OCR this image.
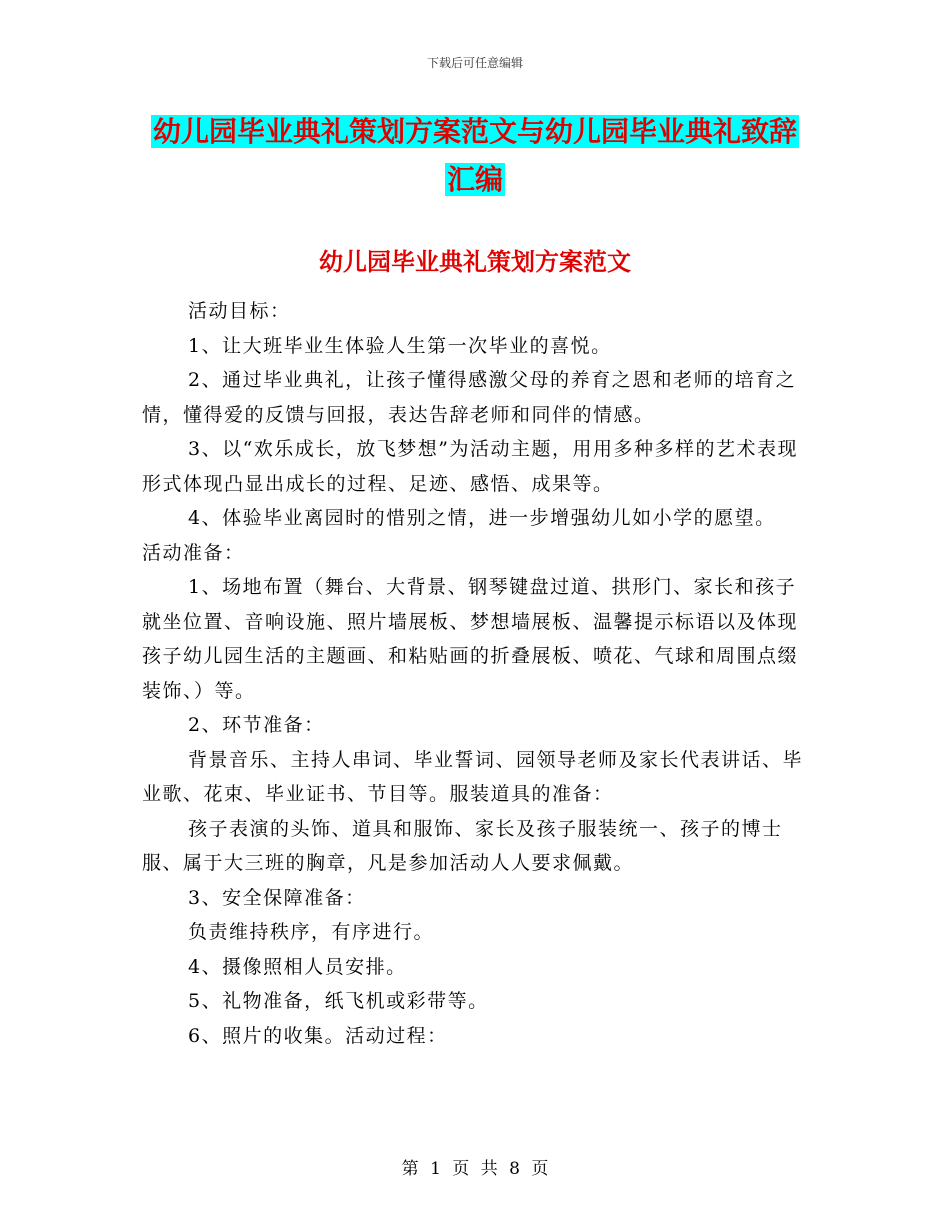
下载后可任意编辑
幼儿园毕业典礼策划方案范文与幼儿园毕业典礼致辞
汇编
幼儿园毕业典礼策划方案范文

活动目标：

1、让大班毕业生体验人生第一次毕业的喜悦。

2、通过毕业典礼，让孩子懂得感激父母的养育之恩和老师的培育之情，懂得爱的反馈与回报，表达告辞老师和同伴的情感。

3、以“欢乐成长，放飞梦想”为活动主题，用用多种多样的艺术表现形式体现凸显出成长的过程、足迹、感悟、成果等。

4、体验毕业离园时的惜别之情，进一步增强幼儿如小学的愿望。

活动准备：

1、场地布置（舞台、大背景、钢琴键盘过道、拱形门、家长和孩子就坐位置、音响设施、照片墙展板、梦想墙展板、温馨提示标语以及体现孩子幼儿园生活的主题画、和粘贴画的折叠展板、喷花、气球和周围点缀装饰、）等。

2、环节准备：

背景音乐、主持人串词、毕业誓词、园领导老师及家长代表讲话、毕业歌、花束、毕业证书、节目等。服装道具的准备：

孩子表演的头饰、道具和服饰、家长及孩子服装统一、孩子的博士服、属于大三班的胸章，凡是参加活动人人要求佩戴。

3、安全保障准备：

负责维持秩序，有序进行。

4、摄像照相人员安排。

5、礼物准备，纸飞机或彩带等。

6、照片的收集。活动过程：

第 1 页 共 8 页
